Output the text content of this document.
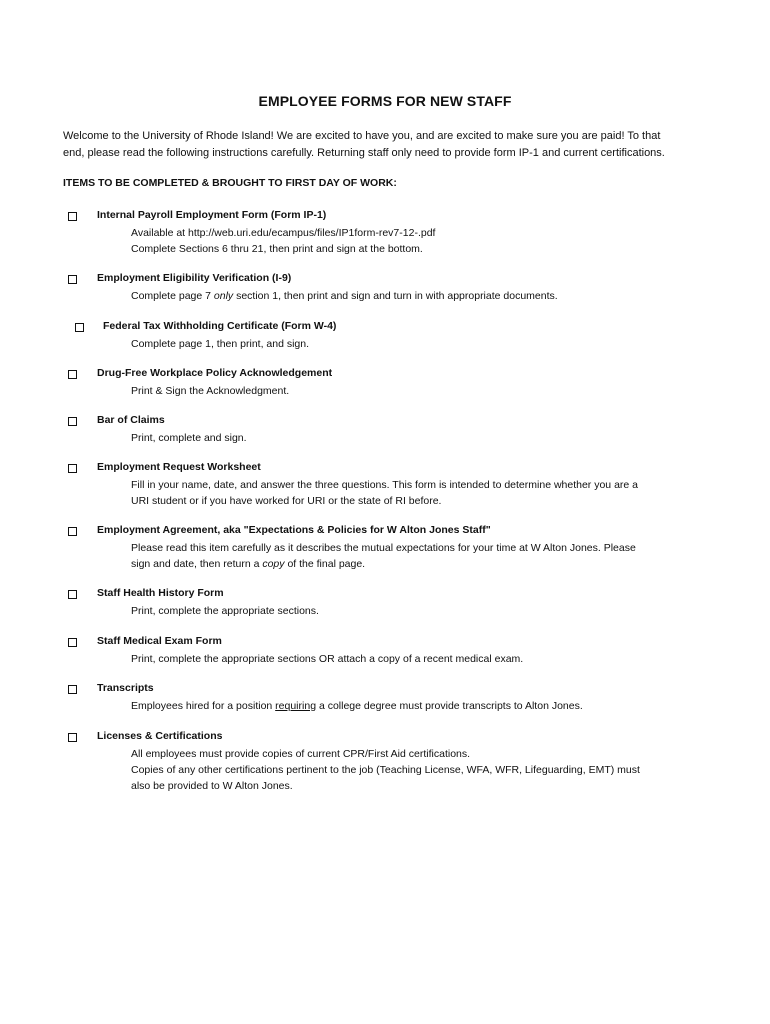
EMPLOYEE FORMS FOR NEW STAFF

Welcome to the University of Rhode Island! We are excited to have you, and are excited to make sure you are paid! To that

end, please read the following instructions carefully. Returning staff only need to provide form IP-1 and current certifications.

ITEMS TO BE COMPLETED & BROUGHT TO FIRST DAY OF WORK:
Internal Payroll Employment Form (Form IP-1)

Available at http://web.uri.edu/ecampus/files/IP1form-rev7-12-.pdf

Complete Sections 6 thru 21, then print and sign at the bottom.

Employment Eligibility Verification (I-9)

Complete page 7 only section 1, then print and sign and turn in with appropriate documents.

Federal Tax Withholding Certificate (Form W-4)

Complete page 1, then print, and sign.

Drug-Free Workplace Policy Acknowledgement

Print & Sign the Acknowledgment.

Bar of Claims

Print, complete and sign.

Employment Request Worksheet

Fill in your name, date, and answer the three questions. This form is intended to determine whether you are a

URI student or if you have worked for URI or the state of RI before.

Employment Agreement, aka "Expectations & Policies for W Alton Jones Staff"

Please read this item carefully as it describes the mutual expectations for your time at W Alton Jones. Please

sign and date, then return a copy of the final page.

Staff Health History Form

Print, complete the appropriate sections.

Staff Medical Exam Form

Print, complete the appropriate sections OR attach a copy of a recent medical exam.

Transcripts

Employees hired for a position requiring a college degree must provide transcripts to Alton Jones.

Licenses & Certifications

All employees must provide copies of current CPR/First Aid certifications.

Copies of any other certifications pertinent to the job (Teaching License, WFA, WFR, Lifeguarding, EMT) must

also be provided to W Alton Jones.
